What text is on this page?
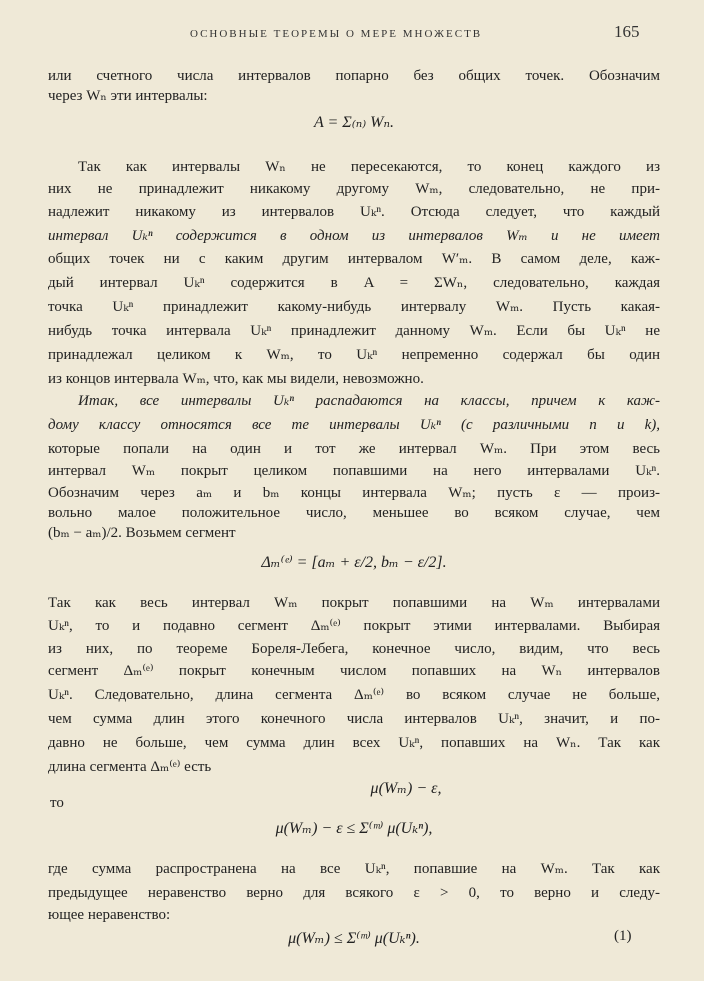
ОСНОВНЫЕ ТЕОРЕМЫ О МЕРЕ МНОЖЕСТВ	165
или счетного числа интервалов попарно без общих точек. Обозначим
через Wₙ эти интервалы:
A = Σ₍ₙ₎ Wₙ.
Так как интервалы Wₙ не пересекаются, то конец каждого из
них не принадлежит никакому другому Wₘ, следовательно, не при-
надлежит никакому из интервалов Uₖⁿ. Отсюда следует, что каждый
интервал Uₖⁿ содержится в одном из интервалов Wₘ и не имеет
общих точек ни с каким другим интервалом W′ₘ. В самом деле, каж-
дый интервал Uₖⁿ содержится в A = ΣWₙ, следовательно, каждая
точка Uₖⁿ принадлежит какому-нибудь интервалу Wₘ. Пусть какая-
нибудь точка интервала Uₖⁿ принадлежит данному Wₘ. Если бы Uₖⁿ не
принадлежал целиком к Wₘ, то Uₖⁿ непременно содержал бы один
из концов интервала Wₘ, что, как мы видели, невозможно.
Итак, все интервалы Uₖⁿ распадаются на классы, причем к каж-
дому классу относятся все те интервалы Uₖⁿ (с различными n и k),
которые попали на один и тот же интервал Wₘ. При этом весь
интервал Wₘ покрыт целиком попавшими на него интервалами Uₖⁿ.
Обозначим через aₘ и bₘ концы интервала Wₘ; пусть ε — произ-
вольно малое положительное число, меньшее во всяком случае, чем
(bₘ − aₘ)/2. Возьмем сегмент
Δₘ⁽ᵉ⁾ = [aₘ + ε/2, bₘ − ε/2].
Так как весь интервал Wₘ покрыт попавшими на Wₘ интервалами
Uₖⁿ, то и подавно сегмент Δₘ⁽ᵉ⁾ покрыт этими интервалами. Выбирая
из них, по теореме Бореля-Лебега, конечное число, видим, что весь
сегмент Δₘ⁽ᵉ⁾ покрыт конечным числом попавших на Wₙ интервалов
Uₖⁿ. Следовательно, длина сегмента Δₘ⁽ᵉ⁾ во всяком случае не больше,
чем сумма длин этого конечного числа интервалов Uₖⁿ, значит, и по-
давно не больше, чем сумма длин всех Uₖⁿ, попавших на Wₙ. Так как
длина сегмента Δₘ⁽ᵉ⁾ есть
μ(Wₘ) − ε,
то
μ(Wₘ) − ε ≤ Σ⁽ᵐ⁾ μ(Uₖⁿ),
где сумма распространена на все Uₖⁿ, попавшие на Wₘ. Так как
предыдущее неравенство верно для всякого ε > 0, то верно и следу-
ющее неравенство:
μ(Wₘ) ≤ Σ⁽ᵐ⁾ μ(Uₖⁿ).	(1)
